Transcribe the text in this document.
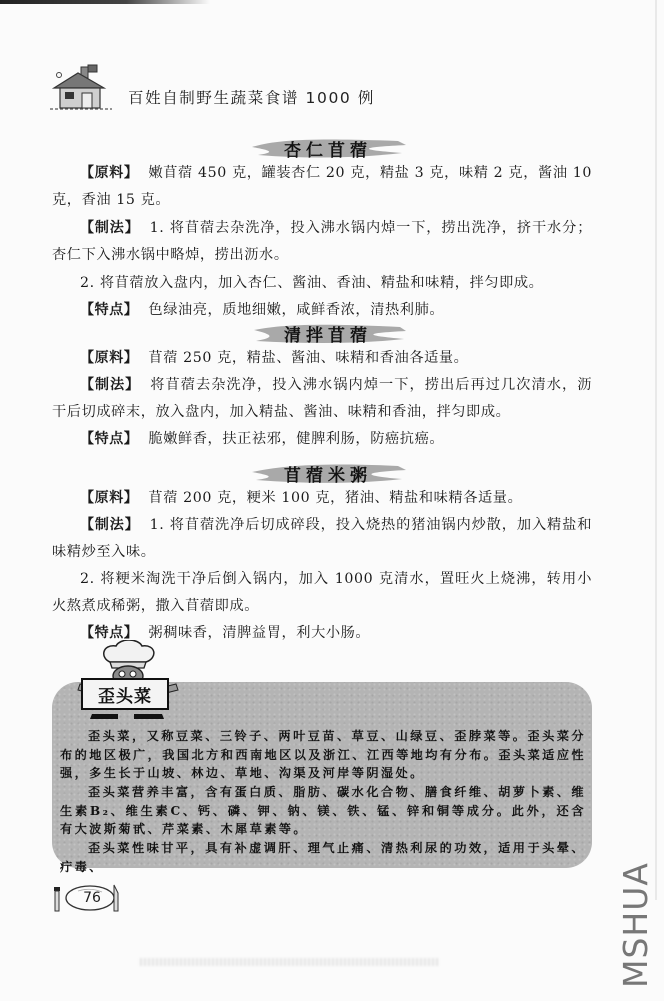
百姓自制野生蔬菜食谱 1000 例
杏仁苜蓿
【原料】 嫩苜蓿 450 克，罐装杏仁 20 克，精盐 3 克，味精 2 克，酱油 10 克，香油 15 克。
【制法】 1. 将苜蓿去杂洗净，投入沸水锅内焯一下，捞出洗净，挤干水分；杏仁下入沸水锅中略焯，捞出沥水。
2. 将苜蓿放入盘内，加入杏仁、酱油、香油、精盐和味精，拌匀即成。
【特点】 色绿油亮，质地细嫩，咸鲜香浓，清热利肺。
清拌苜蓿
【原料】 苜蓿 250 克，精盐、酱油、味精和香油各适量。
【制法】 将苜蓿去杂洗净，投入沸水锅内焯一下，捞出后再过几次清水，沥干后切成碎末，放入盘内，加入精盐、酱油、味精和香油，拌匀即成。
【特点】 脆嫩鲜香，扶正祛邪，健脾利肠，防癌抗癌。
苜蓿米粥
【原料】 苜蓿 200 克，粳米 100 克，猪油、精盐和味精各适量。
【制法】 1. 将苜蓿洗净后切成碎段，投入烧热的猪油锅内炒散，加入精盐和味精炒至入味。
2. 将粳米淘洗干净后倒入锅内，加入 1000 克清水，置旺火上烧沸，转用小火熬煮成稀粥，撒入苜蓿即成。
【特点】 粥稠味香，清脾益胃，利大小肠。
歪头菜
歪头菜，又称豆菜、三铃子、两叶豆苗、草豆、山绿豆、歪脖菜等。歪头菜分布的地区极广，我国北方和西南地区以及浙江、江西等地均有分布。歪头菜适应性强，多生长于山坡、林边、草地、沟渠及河岸等阴湿处。
歪头菜营养丰富，含有蛋白质、脂肪、碳水化合物、膳食纤维、胡萝卜素、维生素B₂、维生素C、钙、磷、钾、钠、镁、铁、锰、锌和铜等成分。此外，还含有大波斯菊甙、芹菜素、木犀草素等。
歪头菜性味甘平，具有补虚调肝、理气止痛、清热利尿的功效，适用于头晕、疔毒、
76	MSHUA
